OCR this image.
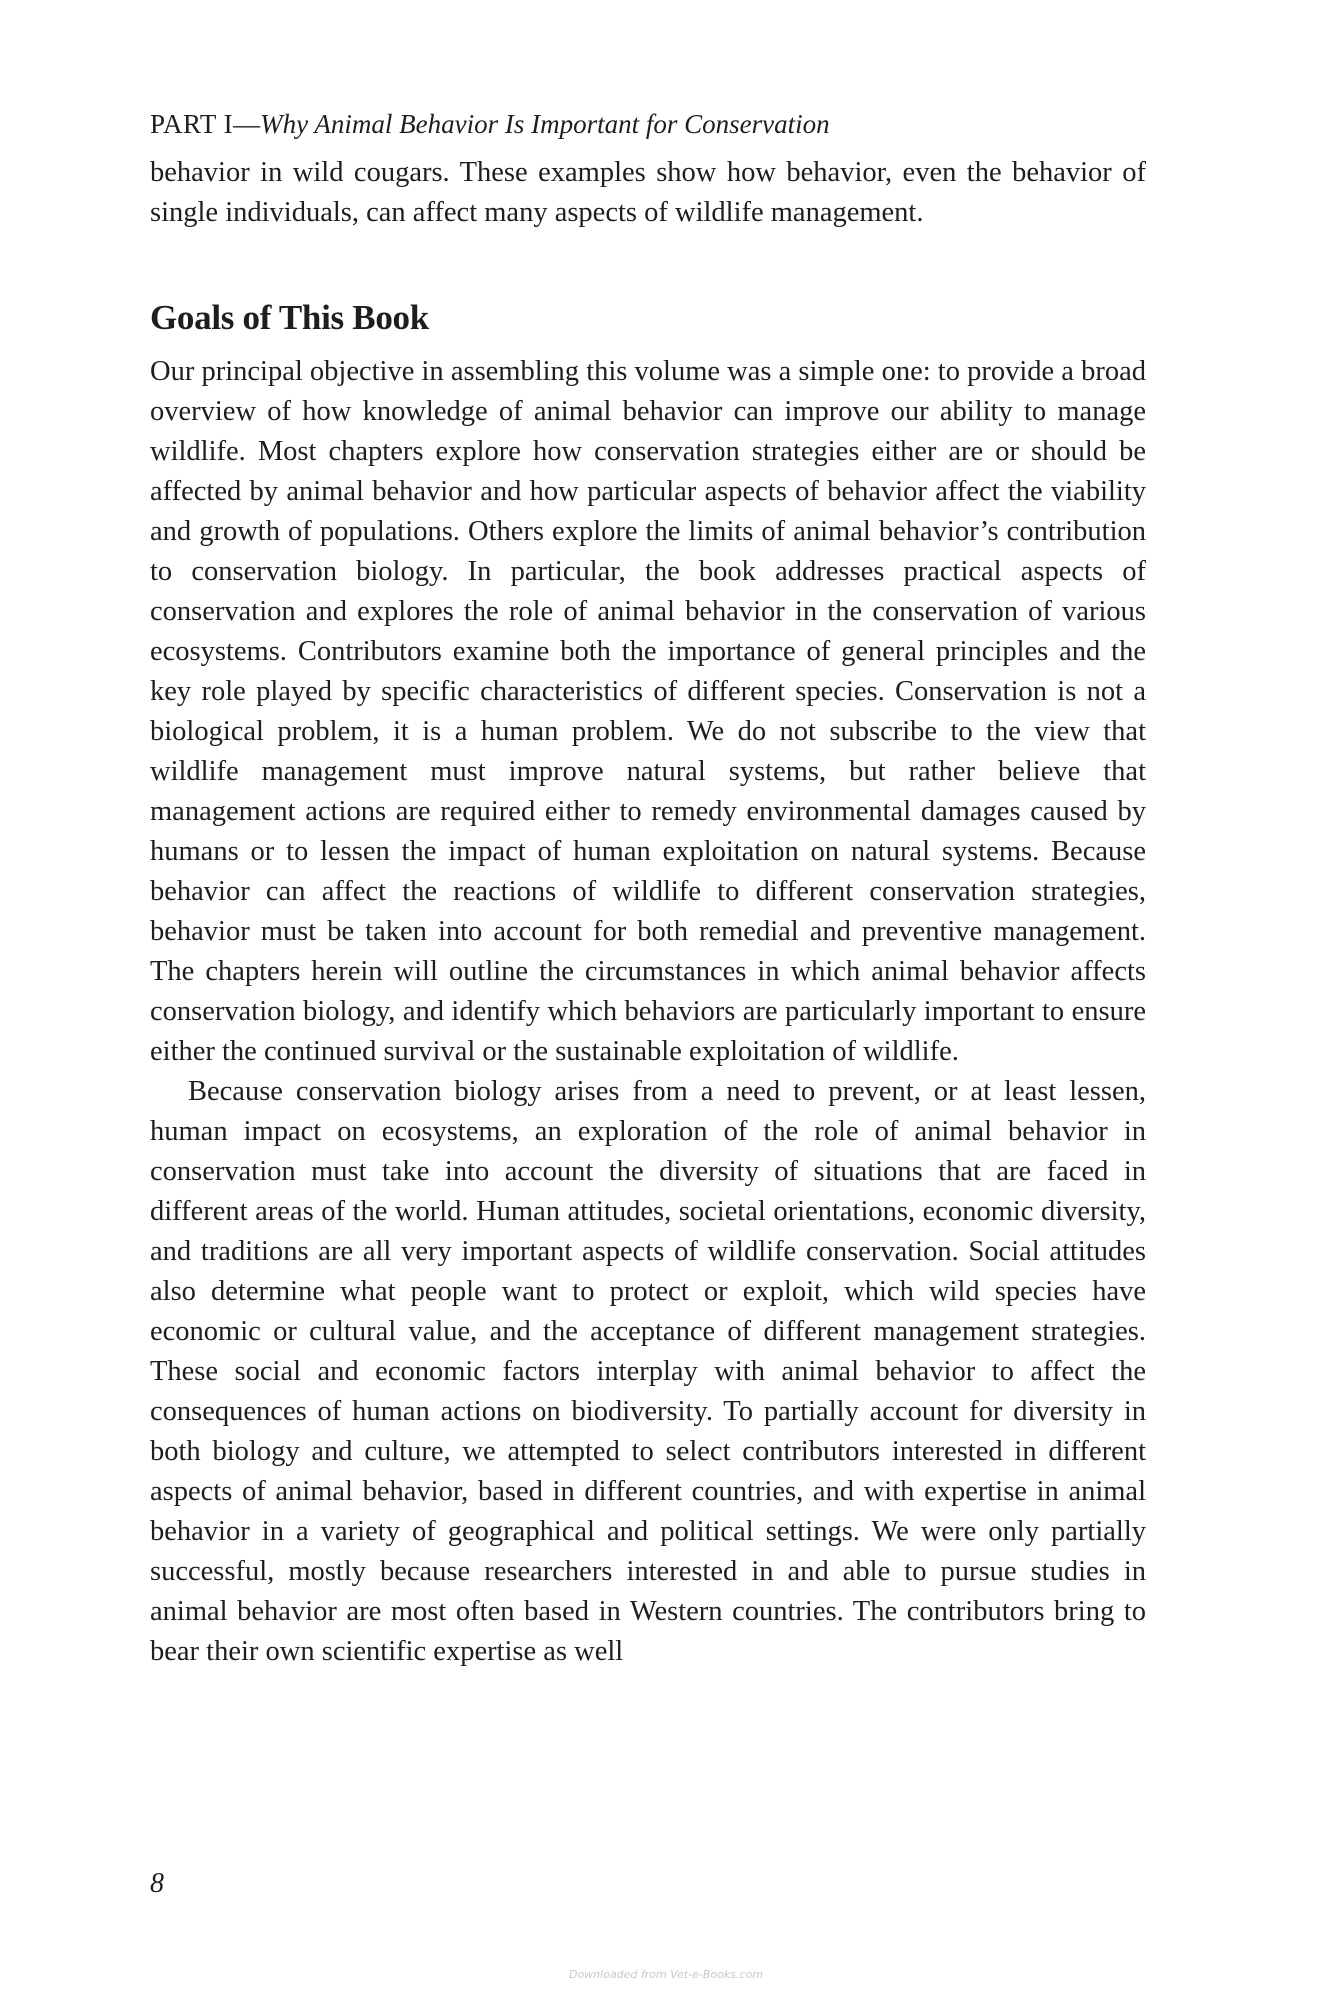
PART I—Why Animal Behavior Is Important for Conservation

behavior in wild cougars. These examples show how behavior, even the behavior of single individuals, can affect many aspects of wildlife management.

Goals of This Book

Our principal objective in assembling this volume was a simple one: to provide a broad overview of how knowledge of animal behavior can improve our ability to manage wildlife. Most chapters explore how conservation strategies either are or should be affected by animal behavior and how particular aspects of behavior affect the viability and growth of populations. Others explore the limits of animal behavior’s contribution to conservation biology. In particular, the book addresses practical aspects of conservation and explores the role of animal behavior in the conservation of various ecosystems. Contributors examine both the importance of general principles and the key role played by specific characteristics of different species. Conservation is not a biological problem, it is a human problem. We do not subscribe to the view that wildlife management must improve natural systems, but rather believe that management actions are required either to remedy environmental damages caused by humans or to lessen the impact of human exploitation on natural systems. Because behavior can affect the reactions of wildlife to different conservation strategies, behavior must be taken into account for both remedial and preventive management. The chapters herein will outline the circumstances in which animal behavior affects conservation biology, and identify which behaviors are particularly important to ensure either the continued survival or the sustainable exploitation of wildlife.

Because conservation biology arises from a need to prevent, or at least lessen, human impact on ecosystems, an exploration of the role of animal behavior in conservation must take into account the diversity of situations that are faced in different areas of the world. Human attitudes, societal orientations, economic diversity, and traditions are all very important aspects of wildlife conservation. Social attitudes also determine what people want to protect or exploit, which wild species have economic or cultural value, and the acceptance of different management strategies. These social and economic factors interplay with animal behavior to affect the consequences of human actions on biodiversity. To partially account for diversity in both biology and culture, we attempted to select contributors interested in different aspects of animal behavior, based in different countries, and with expertise in animal behavior in a variety of geographical and political settings. We were only partially successful, mostly because researchers interested in and able to pursue studies in animal behavior are most often based in Western countries. The contributors bring to bear their own scientific expertise as well

8
Downloaded from Vet-e-Books.com
